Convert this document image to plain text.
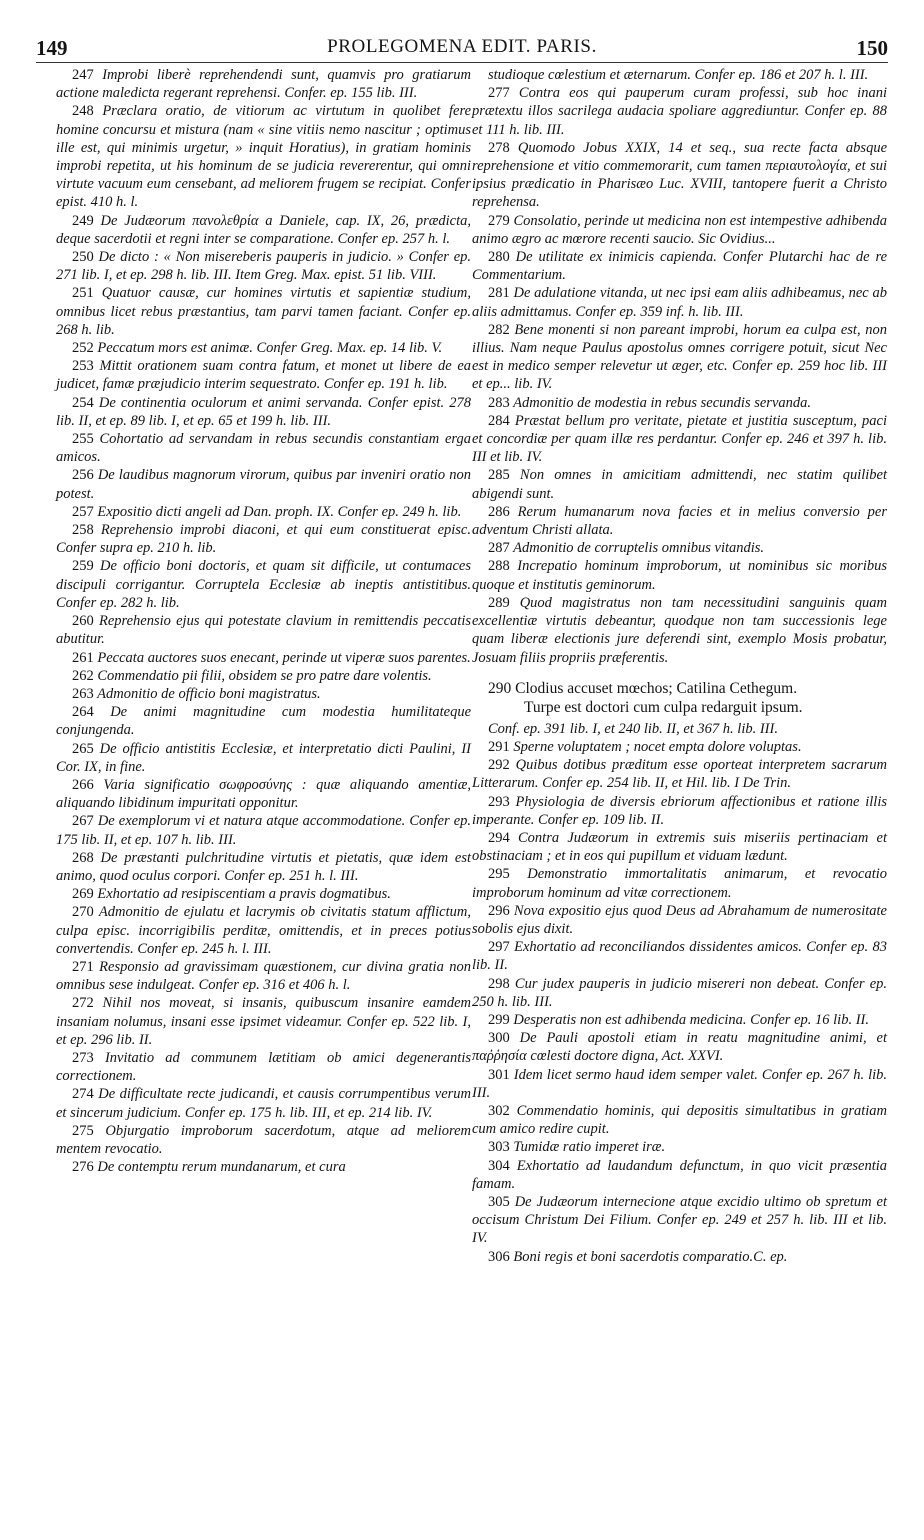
149	PROLEGOMENA EDIT. PARIS.	150

247 Improbi liberè reprehendendi sunt, quamvis pro gratiarum actione maledicta regerant reprehensi. Confer. ep. 155 lib. III.

248 Præclara oratio, de vitiorum ac virtutum in quolibet fere homine concursu et mistura (nam « sine vitiis nemo nascitur ; optimus ille est, qui minimis urgetur, » inquit Horatius), in gratiam hominis improbi repetita, ut his hominum de se judicia revererentur, qui omni virtute vacuum eum censebant, ad meliorem frugem se recipiat. Confer epist. 410 h. l.

249 De Judæorum πανολεθρία a Daniele, cap. IX, 26, prædicta, deque sacerdotii et regni inter se comparatione. Confer ep. 257 h. l.

250 De dicto : « Non misereberis pauperis in judicio. » Confer ep. 271 lib. I, et ep. 298 h. lib. III. Item Greg. Max. epist. 51 lib. VIII.

251 Quatuor causæ, cur homines virtutis et sapientiæ studium, omnibus licet rebus præstantius, tam parvi tamen faciant. Confer ep. 268 h. lib.

252 Peccatum mors est animæ. Confer Greg. Max. ep. 14 lib. V.

253 Mittit orationem suam contra fatum, et monet ut libere de ea judicet, famæ præjudicio interim sequestrato. Confer ep. 191 h. lib.

254 De continentia oculorum et animi servanda. Confer epist. 278 lib. II, et ep. 89 lib. I, et ep. 65 et 199 h. lib. III.

255 Cohortatio ad servandam in rebus secundis constantiam erga amicos.

256 De laudibus magnorum virorum, quibus par inveniri oratio non potest.

257 Expositio dicti angeli ad Dan. proph. IX. Confer ep. 249 h. lib.

258 Reprehensio improbi diaconi, et qui eum constituerat episc. Confer supra ep. 210 h. lib.

259 De officio boni doctoris, et quam sit difficile, ut contumaces discipuli corrigantur. Corruptela Ecclesiæ ab ineptis antistitibus. Confer ep. 282 h. lib.

260 Reprehensio ejus qui potestate clavium in remittendis peccatis abutitur.

261 Peccata auctores suos enecant, perinde ut viperæ suos parentes.

262 Commendatio pii filii, obsidem se pro patre dare volentis.

263 Admonitio de officio boni magistratus.

264 De animi magnitudine cum modestia humilitateque conjungenda.

265 De officio antistitis Ecclesiæ, et interpretatio dicti Paulini, II Cor. IX, in fine.

266 Varia significatio σωφροσύνης : quæ aliquando amentiæ, aliquando libidinum impuritati opponitur.

267 De exemplorum vi et natura atque accommodatione. Confer ep. 175 lib. II, et ep. 107 h. lib. III.

268 De præstanti pulchritudine virtutis et pietatis, quæ idem est animo, quod oculus corpori. Confer ep. 251 h. l. III.

269 Exhortatio ad resipiscentiam a pravis dogmatibus.

270 Admonitio de ejulatu et lacrymis ob civitatis statum afflictum, culpa episc. incorrigibilis perditæ, omittendis, et in preces potius convertendis. Confer ep. 245 h. l. III.

271 Responsio ad gravissimam quæstionem, cur divina gratia non omnibus sese indulgeat. Confer ep. 316 et 406 h. l.

272 Nihil nos moveat, si insanis, quibuscum insanire eamdem insaniam nolumus, insani esse ipsimet videamur. Confer ep. 522 lib. I, et ep. 296 lib. II.

273 Invitatio ad communem lætitiam ob amici degenerantis correctionem.

274 De difficultate recte judicandi, et causis corrumpentibus verum et sincerum judicium. Confer ep. 175 h. lib. III, et ep. 214 lib. IV.

275 Objurgatio improborum sacerdotum, atque ad meliorem mentem revocatio.

276 De contemptu rerum mundanarum, et cura

studioque cœlestium et æternarum. Confer ep. 186 et 207 h. l. III.

277 Contra eos qui pauperum curam professi, sub hoc inani prætextu illos sacrilega audacia spoliare aggrediuntur. Confer ep. 88 et 111 h. lib. III.

278 Quomodo Jobus XXIX, 14 et seq., sua recte facta absque reprehensione et vitio commemorarit, cum tamen περιαυτολογία, et sui ipsius prædicatio in Pharisæo Luc. XVIII, tantopere fuerit a Christo reprehensa.

279 Consolatio, perinde ut medicina non est intempestive adhibenda animo ægro ac mœrore recenti saucio. Sic Ovidius...

280 De utilitate ex inimicis capienda. Confer Plutarchi hac de re Commentarium.

281 De adulatione vitanda, ut nec ipsi eam aliis adhibeamus, nec ab aliis admittamus. Confer ep. 359 inf. h. lib. III.

282 Bene monenti si non pareant improbi, horum ea culpa est, non illius. Nam neque Paulus apostolus omnes corrigere potuit, sicut Nec est in medico semper relevetur ut æger, etc. Confer ep. 259 hoc lib. III et ep... lib. IV.

283 Admonitio de modestia in rebus secundis servanda.

284 Præstat bellum pro veritate, pietate et justitia susceptum, paci et concordiæ per quam illæ res perdantur. Confer ep. 246 et 397 h. lib. III et lib. IV.

285 Non omnes in amicitiam admittendi, nec statim quilibet abigendi sunt.

286 Rerum humanarum nova facies et in melius conversio per adventum Christi allata.

287 Admonitio de corruptelis omnibus vitandis.

288 Increpatio hominum improborum, ut nominibus sic moribus quoque et institutis geminorum.

289 Quod magistratus non tam necessitudini sanguinis quam excellentiæ virtutis debeantur, quodque non tam successionis lege quam liberæ electionis jure deferendi sint, exemplo Mosis probatur, Josuam filiis propriis præferentis.

290 Clodius accuset mœchos; Catilina Cethegum.

Turpe est doctori cum culpa redarguit ipsum.

Conf. ep. 391 lib. I, et 240 lib. II, et 367 h. lib. III.

291 Sperne voluptatem ; nocet empta dolore voluptas.

292 Quibus dotibus præditum esse oporteat interpretem sacrarum Litterarum. Confer ep. 254 lib. II, et Hil. lib. I De Trin.

293 Physiologia de diversis ebriorum affectionibus et ratione illis imperante. Confer ep. 109 lib. II.

294 Contra Judæorum in extremis suis miseriis pertinaciam et obstinaciam ; et in eos qui pupillum et viduam lædunt.

295 Demonstratio immortalitatis animarum, et revocatio improborum hominum ad vitæ correctionem.

296 Nova expositio ejus quod Deus ad Abrahamum de numerositate sobolis ejus dixit.

297 Exhortatio ad reconciliandos dissidentes amicos. Confer ep. 83 lib. II.

298 Cur judex pauperis in judicio misereri non debeat. Confer ep. 250 h. lib. III.

299 Desperatis non est adhibenda medicina. Confer ep. 16 lib. II.

300 De Pauli apostoli etiam in reatu magnitudine animi, et παῤῥησία cœlesti doctore digna, Act. XXVI.

301 Idem licet sermo haud idem semper valet. Confer ep. 267 h. lib. III.

302 Commendatio hominis, qui depositis simultatibus in gratiam cum amico redire cupit.

303 Tumidæ ratio imperet iræ.

304 Exhortatio ad laudandum defunctum, in quo vicit præsentia famam.

305 De Judæorum internecione atque excidio ultimo ob spretum et occisum Christum Dei Filium. Confer ep. 249 et 257 h. lib. III et lib. IV.

306 Boni regis et boni sacerdotis comparatio.C. ep.
